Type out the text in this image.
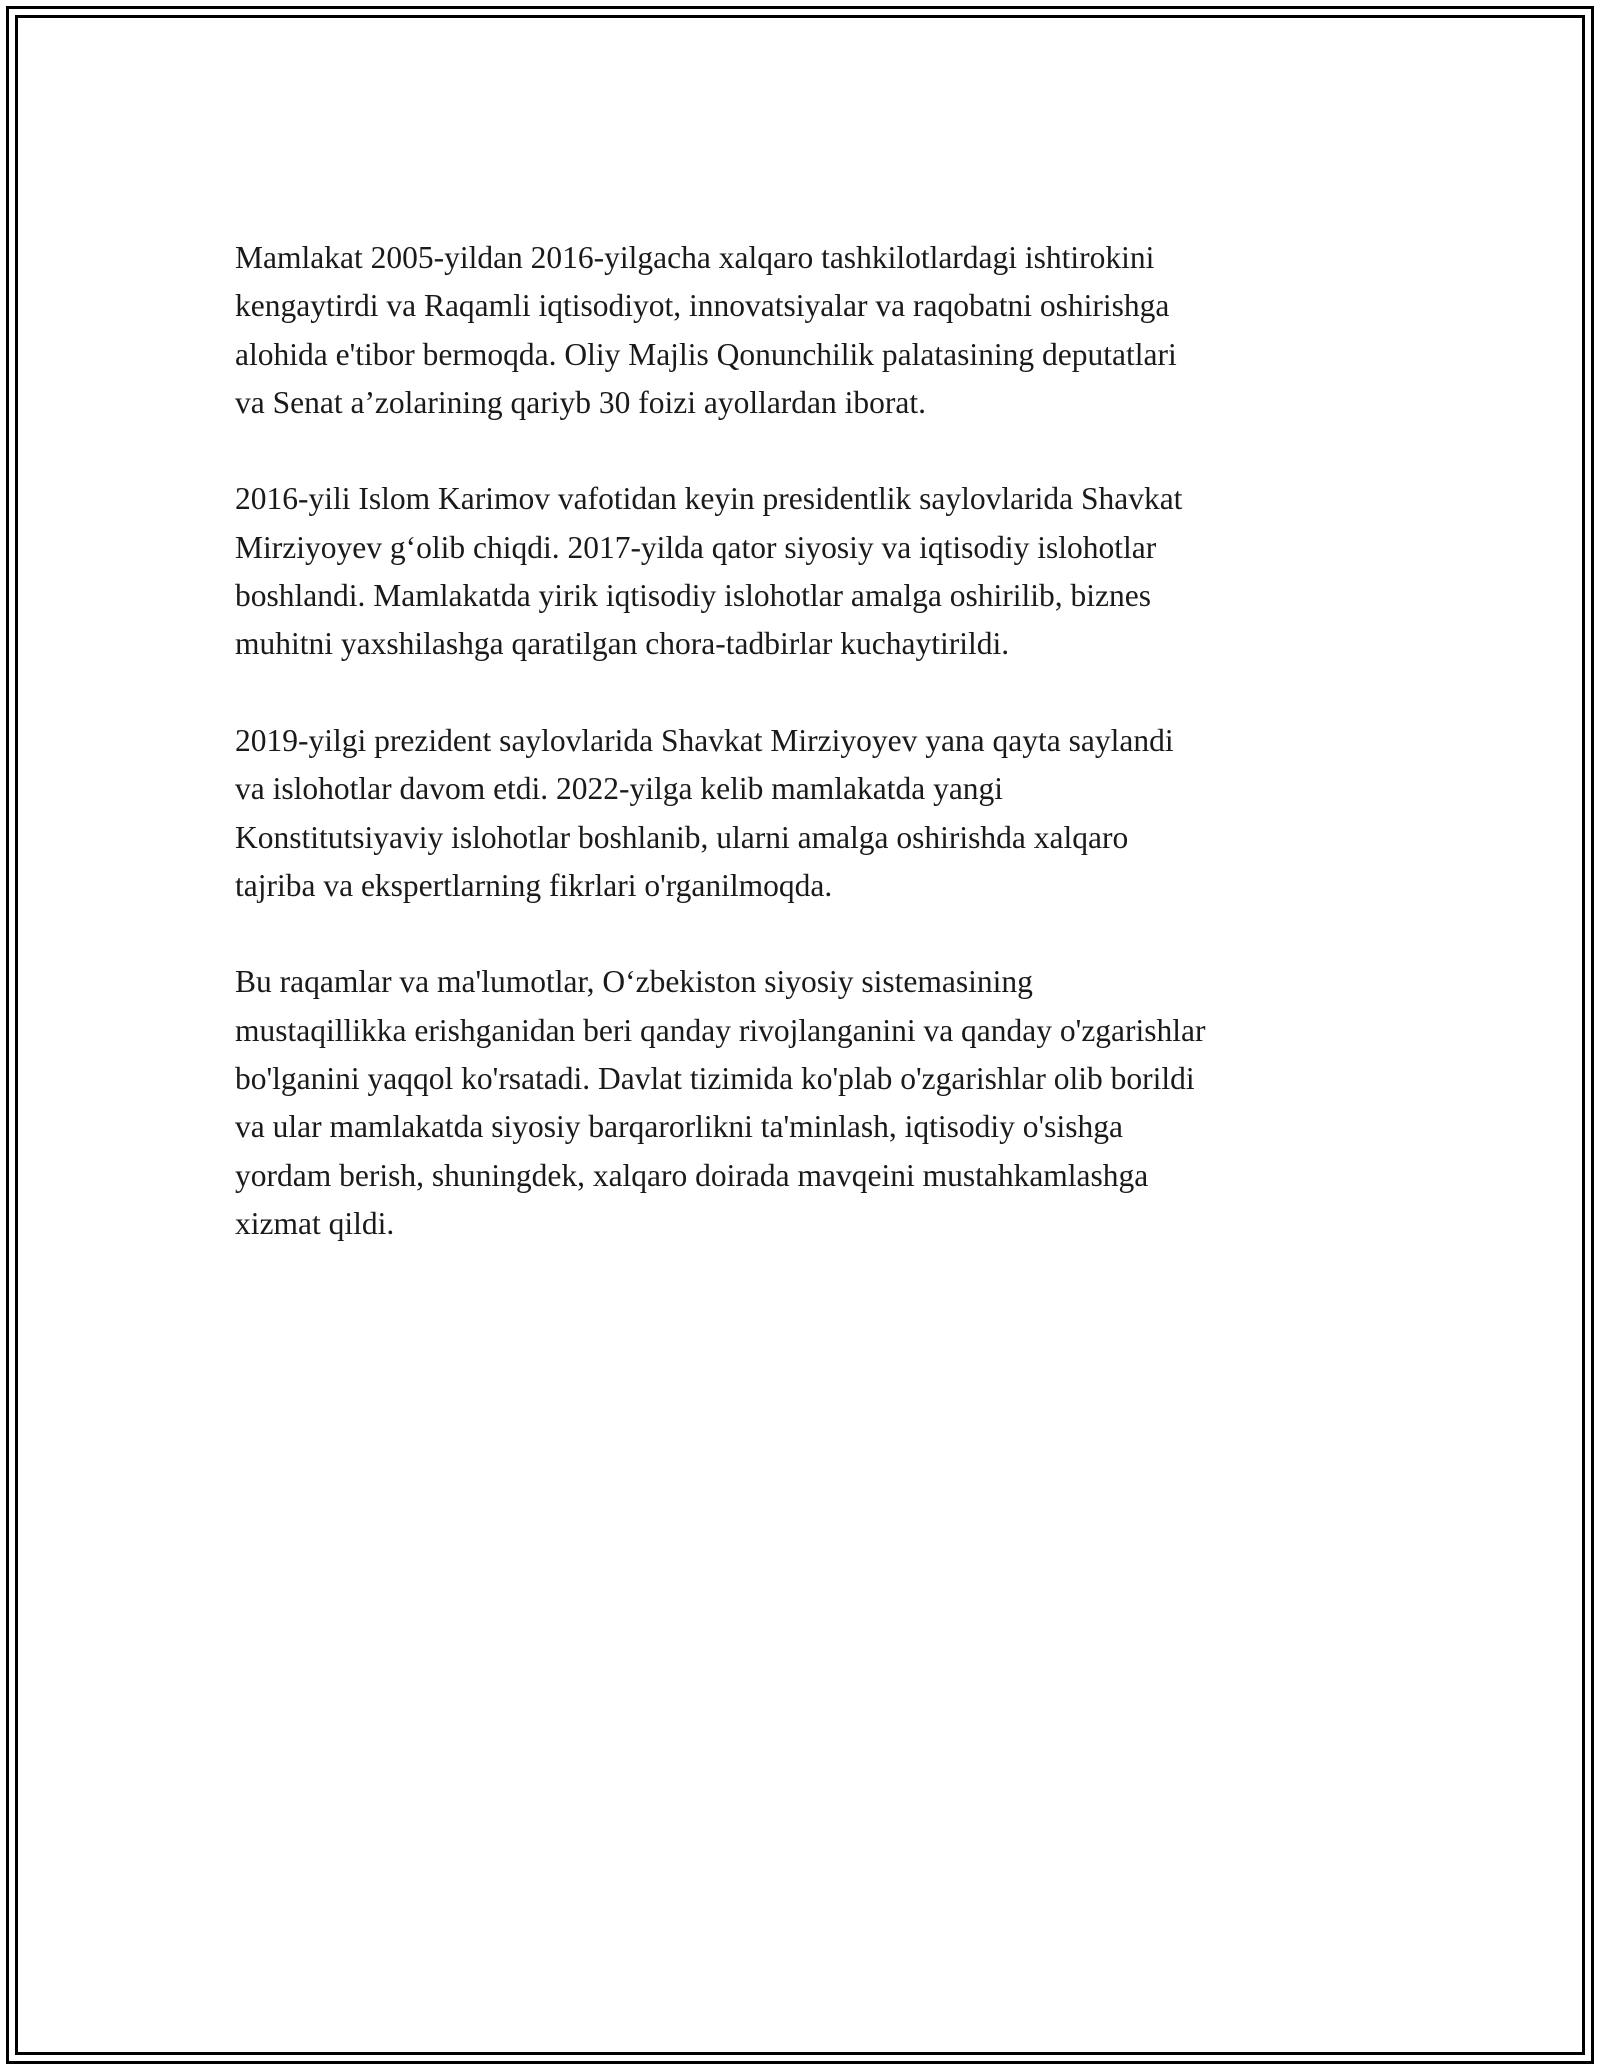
Mamlakat 2005-yildan 2016-yilgacha xalqaro tashkilotlardagi ishtirokini
kengaytirdi va Raqamli iqtisodiyot, innovatsiyalar va raqobatni oshirishga
alohida e'tibor bermoqda. Oliy Majlis Qonunchilik palatasining deputatlari
va Senat a’zolarining qariyb 30 foizi ayollardan iborat.

2016-yili Islom Karimov vafotidan keyin presidentlik saylovlarida Shavkat
Mirziyoyev g‘olib chiqdi. 2017-yilda qator siyosiy va iqtisodiy islohotlar
boshlandi. Mamlakatda yirik iqtisodiy islohotlar amalga oshirilib, biznes
muhitni yaxshilashga qaratilgan chora-tadbirlar kuchaytirildi.

2019-yilgi prezident saylovlarida Shavkat Mirziyoyev yana qayta saylandi
va islohotlar davom etdi. 2022-yilga kelib mamlakatda yangi
Konstitutsiyaviy islohotlar boshlanib, ularni amalga oshirishda xalqaro
tajriba va ekspertlarning fikrlari o'rganilmoqda.

Bu raqamlar va ma'lumotlar, O‘zbekiston siyosiy sistemasining
mustaqillikka erishganidan beri qanday rivojlanganini va qanday o'zgarishlar
bo'lganini yaqqol ko'rsatadi. Davlat tizimida ko'plab o'zgarishlar olib borildi
va ular mamlakatda siyosiy barqarorlikni ta'minlash, iqtisodiy o'sishga
yordam berish, shuningdek, xalqaro doirada mavqeini mustahkamlashga
xizmat qildi.
